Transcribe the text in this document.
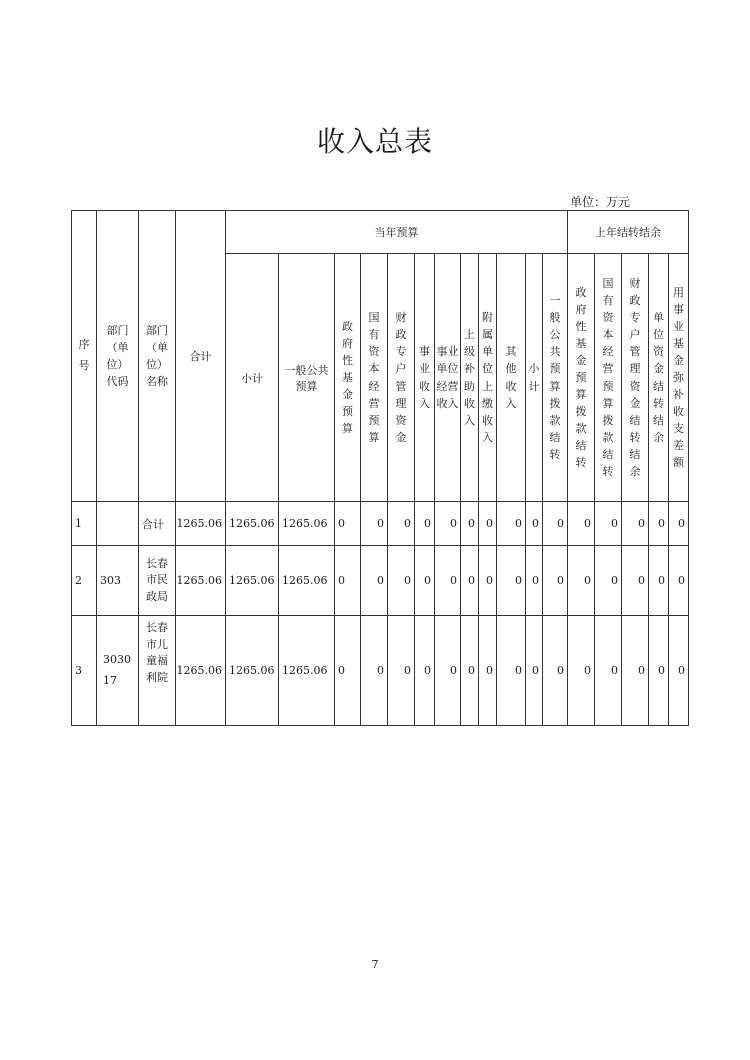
收入总表
单位：万元
序号	部门（单位）代码	部门（单位）名称	合计	当年预算												上年结转结余				
				小计	一般公共预算	政府性基金预算	国有资本经营预算	财政专户管理资金	事业收入	事业单位经营收入	上级补助收入	附属单位上缴收入	其他收入	小计	一般公共预算拨款结转	政府性基金预算拨款结转	国有资本经营预算拨款结转	财政专户管理资金结转结余	单位资金结转结余	用事业基金弥补收支差额

1		合计	1265.06	1265.06	1265.06	0	0	0	0	0	0	0	0	0	0	0	0	0	0	0
2	303	长春市民政局	1265.06	1265.06	1265.06	0	0	0	0	0	0	0	0	0	0	0	0	0	0	0
3	303017	长春市儿童福利院	1265.06	1265.06	1265.06	0	0	0	0	0	0	0	0	0	0	0	0	0	0	0
7
